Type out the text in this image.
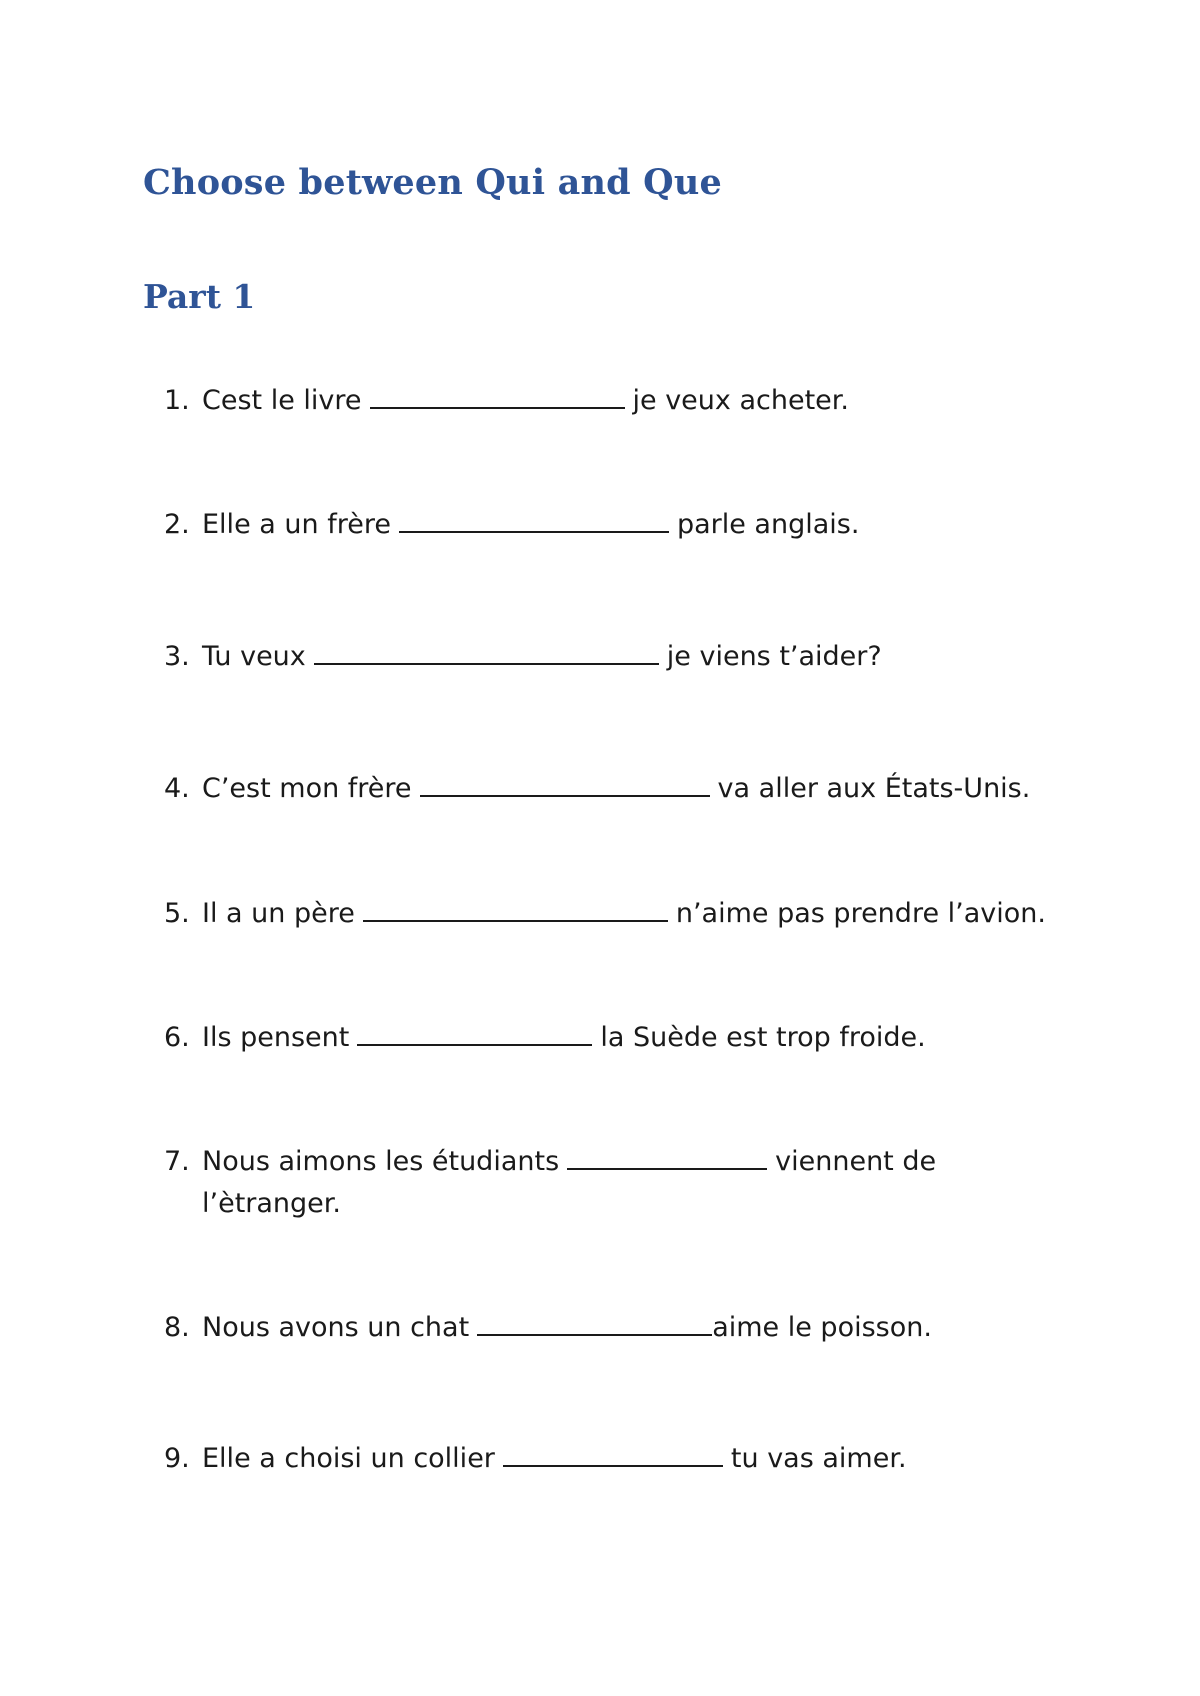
Choose between Qui and Que
Part 1

1. Cest le livre	je veux acheter.

2. Elle a un frère	parle anglais.

3. Tu veux	je viens t’aider?

4. C’est mon frère	va aller aux États-Unis.

5. Il a un père	n’aime pas prendre l’avion.

6. Ils pensent	la Suède est trop froide.

7. Nous aimons les étudiants	viennent de

l’ètranger.

8. Nous avons un chat	aime le poisson.

9. Elle a choisi un collier	tu vas aimer.
